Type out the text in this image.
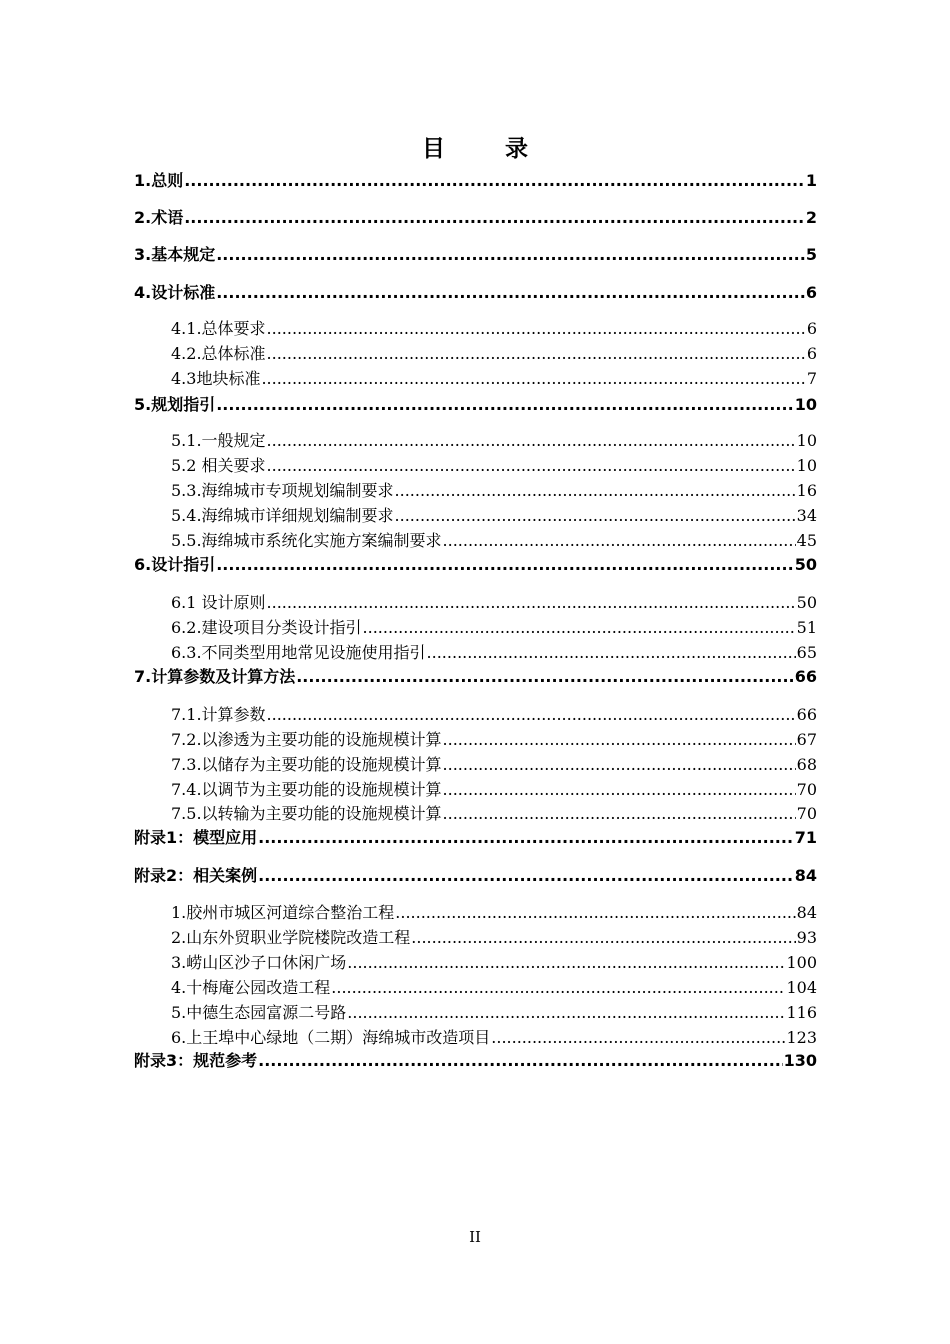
目 录
1.总则 .....	1
2.术语 .....	2
3.基本规定 .....	5
4.设计标准 .....	6
4.1.总体要求 .....	6
4.2.总体标准 .....	6
4.3地块标准 .....	7
5.规划指引 .....	10
5.1.一般规定 .....	10
5.2 相关要求 .....	10
5.3.海绵城市专项规划编制要求 .....	16
5.4.海绵城市详细规划编制要求 .....	34
5.5.海绵城市系统化实施方案编制要求 .....	45
6.设计指引 .....	50
6.1 设计原则 .....	50
6.2.建设项目分类设计指引 .....	51
6.3.不同类型用地常见设施使用指引 .....	65
7.计算参数及计算方法 .....	66
7.1.计算参数 .....	66
7.2.以渗透为主要功能的设施规模计算 .....	67
7.3.以储存为主要功能的设施规模计算 .....	68
7.4.以调节为主要功能的设施规模计算 .....	70
7.5.以转输为主要功能的设施规模计算 .....	70
附录1：模型应用 .....	71
附录2：相关案例 .....	84
1.胶州市城区河道综合整治工程 .....	84
2.山东外贸职业学院楼院改造工程 .....	93
3.崂山区沙子口休闲广场 .....	100
4.十梅庵公园改造工程 .....	104
5.中德生态园富源二号路 .....	116
6.上王埠中心绿地（二期）海绵城市改造项目 .....	123
附录3：规范参考 .....	130
II
